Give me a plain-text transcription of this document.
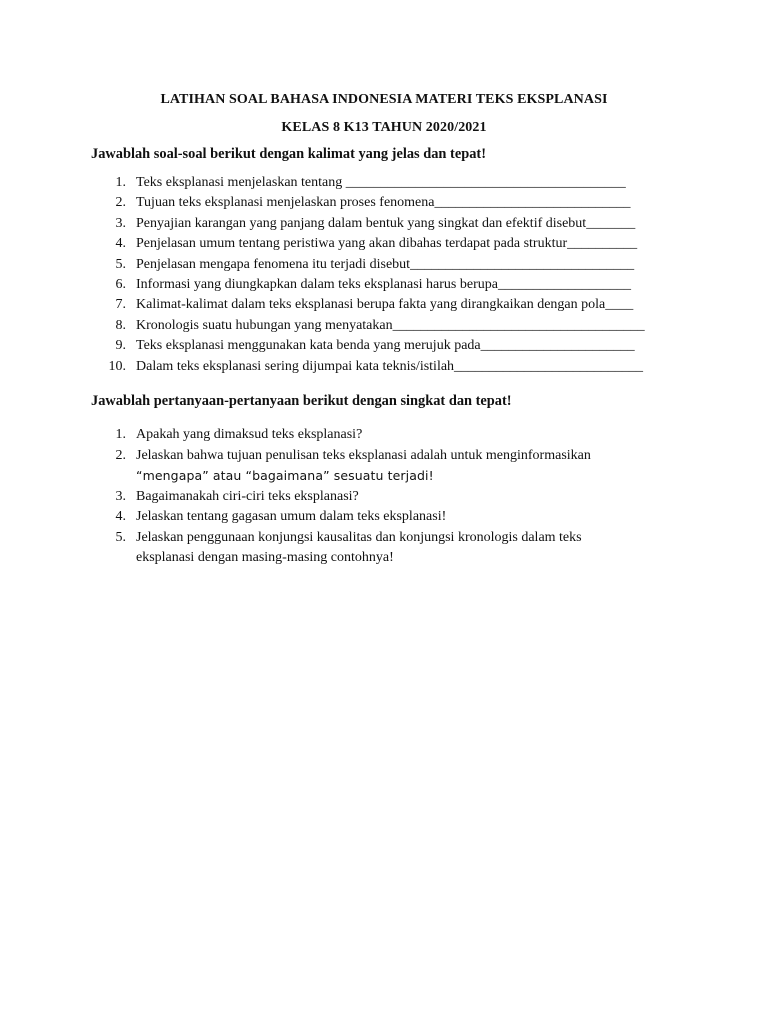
LATIHAN SOAL BAHASA INDONESIA MATERI TEKS EKSPLANASI
KELAS 8 K13 TAHUN 2020/2021
Jawablah soal-soal berikut dengan kalimat yang jelas dan tepat!
1. Teks eksplanasi menjelaskan tentang ________________________________________
2. Tujuan teks eksplanasi menjelaskan proses fenomena____________________________
3. Penyajian karangan yang panjang dalam bentuk yang singkat dan efektif disebut_______
4. Penjelasan umum tentang peristiwa yang akan dibahas terdapat pada struktur__________
5. Penjelasan mengapa fenomena itu terjadi disebut________________________________
6. Informasi yang diungkapkan dalam teks eksplanasi harus berupa___________________
7. Kalimat-kalimat dalam teks eksplanasi berupa fakta yang dirangkaikan dengan pola____
8. Kronologis suatu hubungan yang menyatakan____________________________________
9. Teks eksplanasi menggunakan kata benda yang merujuk pada______________________
10. Dalam teks eksplanasi sering dijumpai kata teknis/istilah___________________________
Jawablah pertanyaan-pertanyaan berikut dengan singkat dan tepat!
1. Apakah yang dimaksud teks eksplanasi?
2. Jelaskan bahwa tujuan penulisan teks eksplanasi adalah untuk menginformasikan
“mengapa” atau “bagaimana” sesuatu terjadi!
3. Bagaimanakah ciri-ciri teks eksplanasi?
4. Jelaskan tentang gagasan umum dalam teks eksplanasi!
5. Jelaskan penggunaan konjungsi kausalitas dan konjungsi kronologis dalam teks
eksplanasi dengan masing-masing contohnya!
